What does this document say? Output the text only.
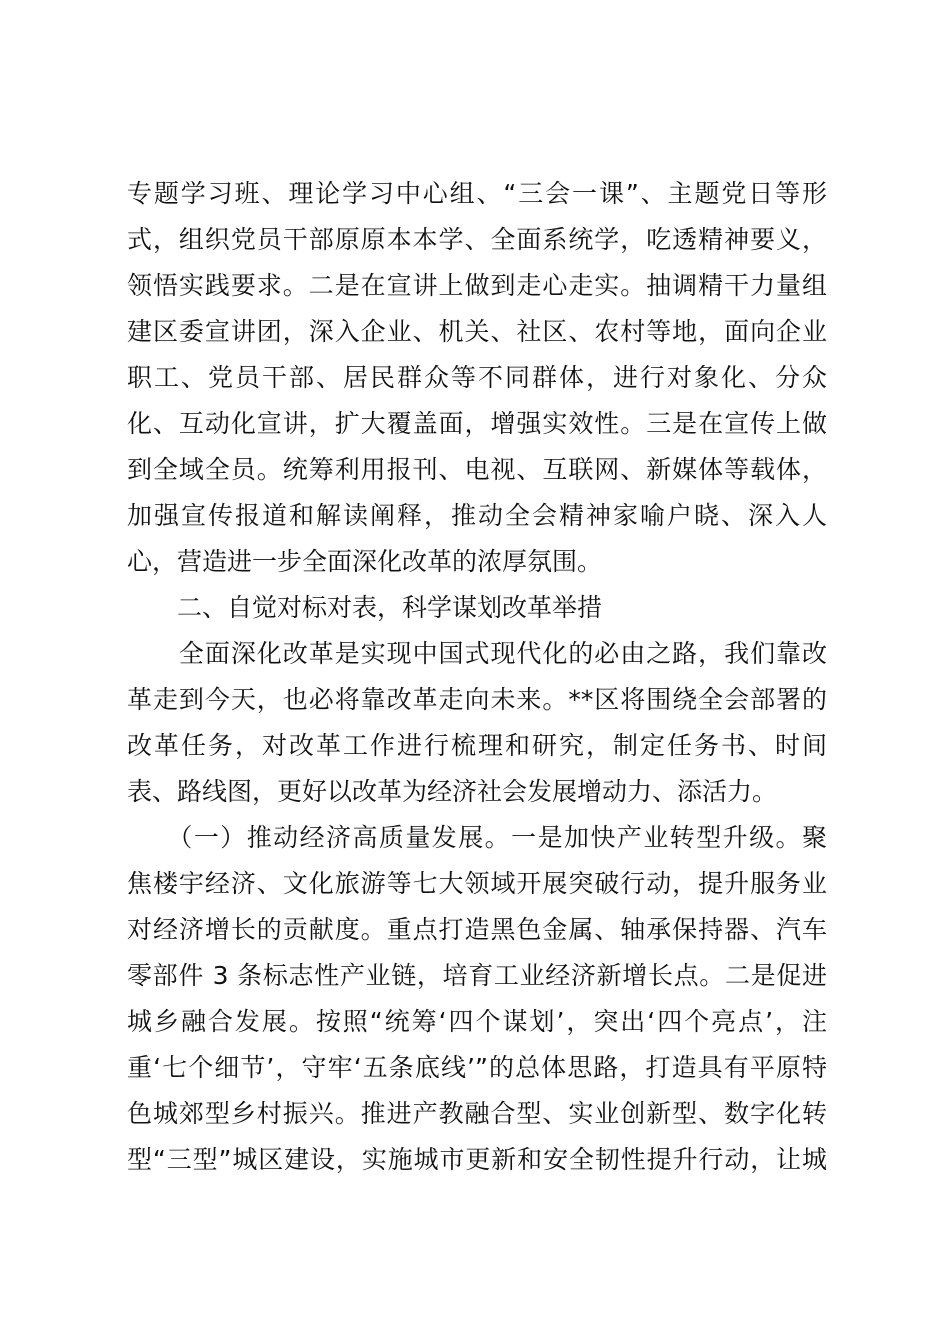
专题学习班、理论学习中心组、“三会一课”、主题党日等形
式，组织党员干部原原本本学、全面系统学，吃透精神要义，
领悟实践要求。二是在宣讲上做到走心走实。抽调精干力量组
建区委宣讲团，深入企业、机关、社区、农村等地，面向企业
职工、党员干部、居民群众等不同群体，进行对象化、分众
化、互动化宣讲，扩大覆盖面，增强实效性。三是在宣传上做
到全域全员。统筹利用报刊、电视、互联网、新媒体等载体，
加强宣传报道和解读阐释，推动全会精神家喻户晓、深入人
心，营造进一步全面深化改革的浓厚氛围。
　　二、自觉对标对表，科学谋划改革举措
　　全面深化改革是实现中国式现代化的必由之路，我们靠改
革走到今天，也必将靠改革走向未来。**区将围绕全会部署的
改革任务，对改革工作进行梳理和研究，制定任务书、时间
表、路线图，更好以改革为经济社会发展增动力、添活力。
　　（一）推动经济高质量发展。一是加快产业转型升级。聚
焦楼宇经济、文化旅游等七大领域开展突破行动，提升服务业
对经济增长的贡献度。重点打造黑色金属、轴承保持器、汽车
零部件 3 条标志性产业链，培育工业经济新增长点。二是促进
城乡融合发展。按照“统筹‘四个谋划’，突出‘四个亮点’，注
重‘七个细节’，守牢‘五条底线’”的总体思路，打造具有平原特
色城郊型乡村振兴。推进产教融合型、实业创新型、数字化转
型“三型”城区建设，实施城市更新和安全韧性提升行动，让城
